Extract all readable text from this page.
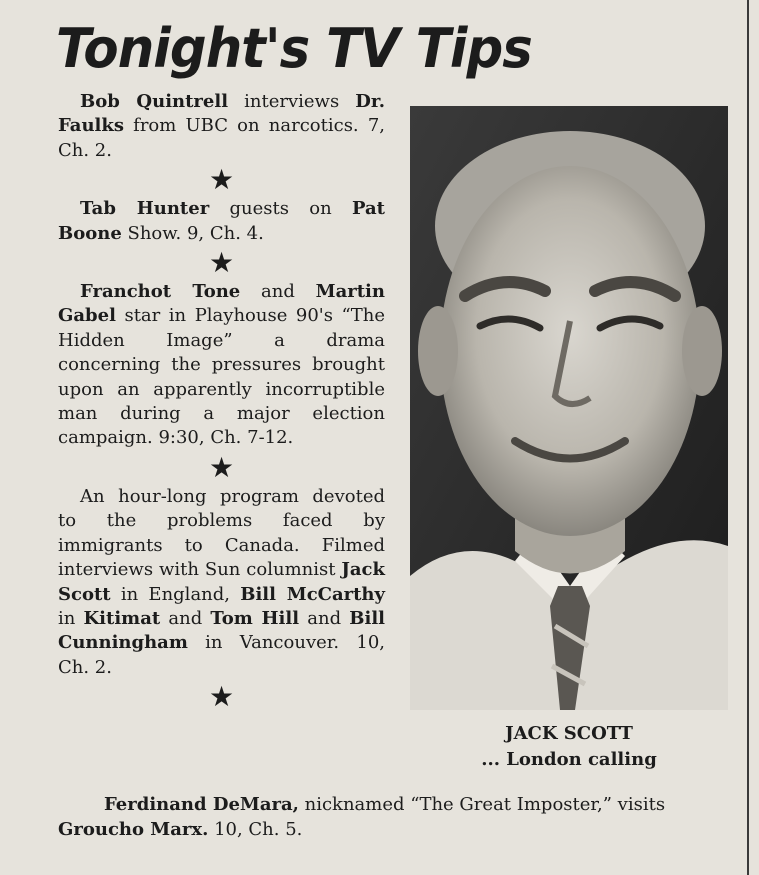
Tonight's TV Tips

Bob Quintrell interviews Dr. Faulks from UBC on narcotics. 7, Ch. 2.

★

Tab Hunter guests on Pat Boone Show. 9, Ch. 4.

★

Franchot Tone and Martin Gabel star in Playhouse 90's “The Hidden Image” a drama concerning the pressures brought upon an apparently incorruptible man during a major election campaign. 9:30, Ch. 7-12.

★

An hour-long program devoted to the problems faced by immigrants to Canada. Filmed interviews with Sun columnist Jack Scott in England, Bill McCarthy in Kitimat and Tom Hill and Bill Cunningham in Vancouver. 10, Ch. 2.

★

JACK SCOTT

... London calling

Ferdinand DeMara, nicknamed “The Great Imposter,” visits Groucho Marx. 10, Ch. 5.
